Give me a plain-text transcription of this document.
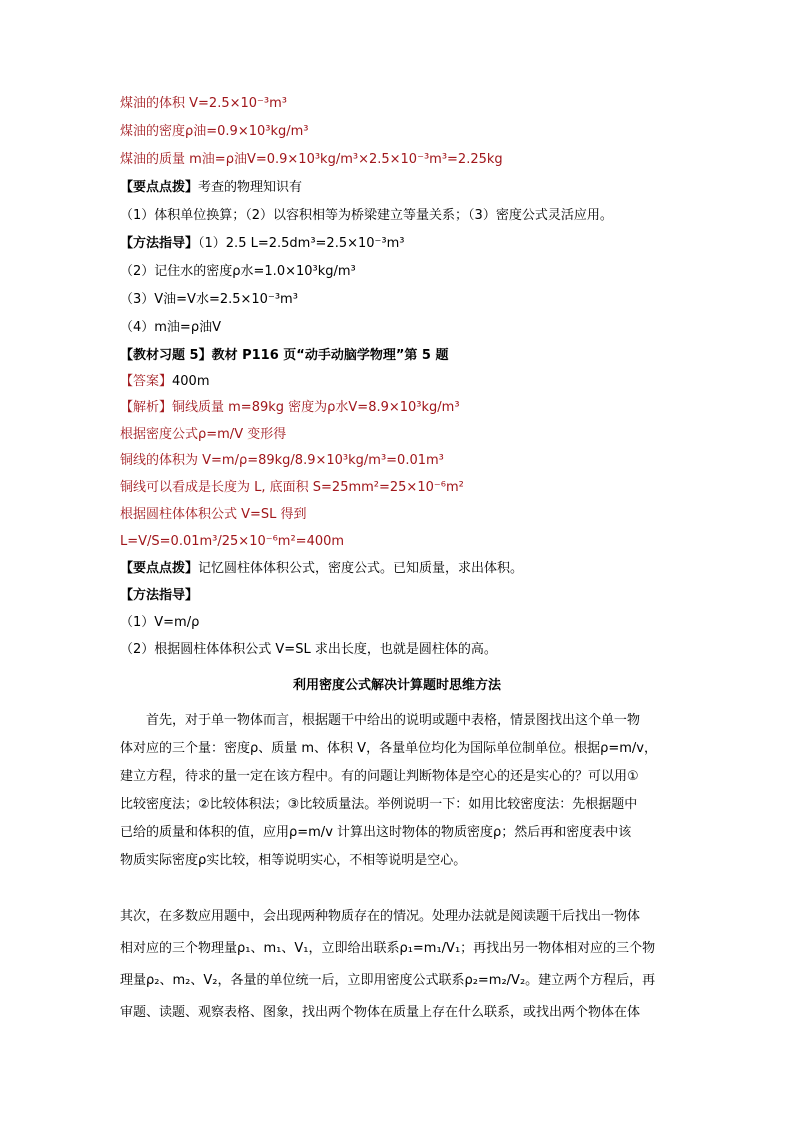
煤油的体积 V=2.5×10⁻³m³
煤油的密度ρ油=0.9×10³kg/m³
煤油的质量 m油=ρ油V=0.9×10³kg/m³×2.5×10⁻³m³=2.25kg
【要点点拨】考查的物理知识有
（1）体积单位换算；（2）以容积相等为桥梁建立等量关系；（3）密度公式灵活应用。
【方法指导】（1）2.5 L=2.5dm³=2.5×10⁻³m³
（2）记住水的密度ρ水=1.0×10³kg/m³
（3）V油=V水=2.5×10⁻³m³
（4）m油=ρ油V
【教材习题 5】教材 P116 页“动手动脑学物理”第 5 题
【答案】400m
【解析】铜线质量 m=89kg 密度为ρ水V=8.9×10³kg/m³
根据密度公式ρ=m/V 变形得
铜线的体积为 V=m/ρ=89kg/8.9×10³kg/m³=0.01m³
铜线可以看成是长度为 L, 底面积 S=25mm²=25×10⁻⁶m²
根据圆柱体体积公式 V=SL 得到
L=V/S=0.01m³/25×10⁻⁶m²=400m
【要点点拨】记忆圆柱体体积公式，密度公式。已知质量，求出体积。
【方法指导】
（1）V=m/ρ
（2）根据圆柱体体积公式 V=SL 求出长度，也就是圆柱体的高。
利用密度公式解决计算题时思维方法
　　首先，对于单一物体而言，根据题干中给出的说明或题中表格，情景图找出这个单一物
体对应的三个量：密度ρ、质量 m、体积 V，各量单位均化为国际单位制单位。根据ρ=m/v，
建立方程，待求的量一定在该方程中。有的问题让判断物体是空心的还是实心的？可以用①
比较密度法；②比较体积法；③比较质量法。举例说明一下：如用比较密度法：先根据题中
已给的质量和体积的值，应用ρ=m/v 计算出这时物体的物质密度ρ；然后再和密度表中该
物质实际密度ρ实比较，相等说明实心，不相等说明是空心。
其次，在多数应用题中，会出现两种物质存在的情况。处理办法就是阅读题干后找出一物体
相对应的三个物理量ρ₁、m₁、V₁，立即给出联系ρ₁=m₁/V₁；再找出另一物体相对应的三个物
理量ρ₂、m₂、V₂，各量的单位统一后，立即用密度公式联系ρ₂=m₂/V₂。建立两个方程后，再
审题、读题、观察表格、图象，找出两个物体在质量上存在什么联系，或找出两个物体在体
